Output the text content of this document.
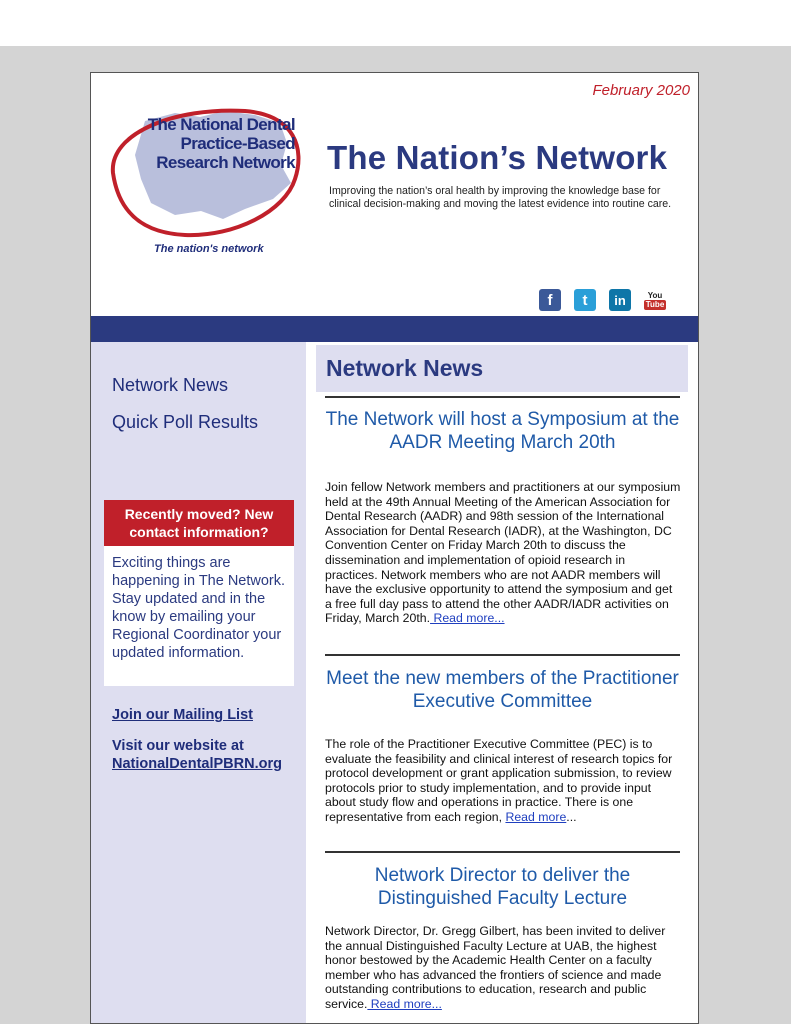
February 2020
The National Dental
Practice-Based
Research Network
The nation's network
The Nation’s Network
Improving the nation’s oral health by improving the knowledge base for clinical decision-making and moving the latest evidence into routine care.
f t in	You
Tube
Network News
Quick Poll Results
Recently moved? New contact information?
Exciting things are happening in The Network. Stay updated and in the know by emailing your Regional Coordinator your updated information.
Join our Mailing List
Visit our website at
NationalDentalPBRN.org
Network News
The Network will host a Symposium at the AADR Meeting March 20th
Join fellow Network members and practitioners at our symposium held at the 49th Annual Meeting of the American Association for Dental Research (AADR) and 98th session of the International Association for Dental Research (IADR), at the Washington, DC Convention Center on Friday March 20th to discuss the dissemination and implementation of opioid research in practices. Network members who are not AADR members will have the exclusive opportunity to attend the symposium and get a free full day pass to attend the other AADR/IADR activities on Friday, March 20th. Read more...
Meet the new members of the Practitioner Executive Committee
The role of the Practitioner Executive Committee (PEC) is to evaluate the feasibility and clinical interest of research topics for protocol development or grant application submission, to review protocols prior to study implementation, and to provide input about study flow and operations in practice. There is one representative from each region, Read more...
Network Director to deliver the Distinguished Faculty Lecture
Network Director, Dr. Gregg Gilbert, has been invited to deliver the annual Distinguished Faculty Lecture at UAB, the highest honor bestowed by the Academic Health Center on a faculty member who has advanced the frontiers of science and made outstanding contributions to education, research and public service. Read more...
